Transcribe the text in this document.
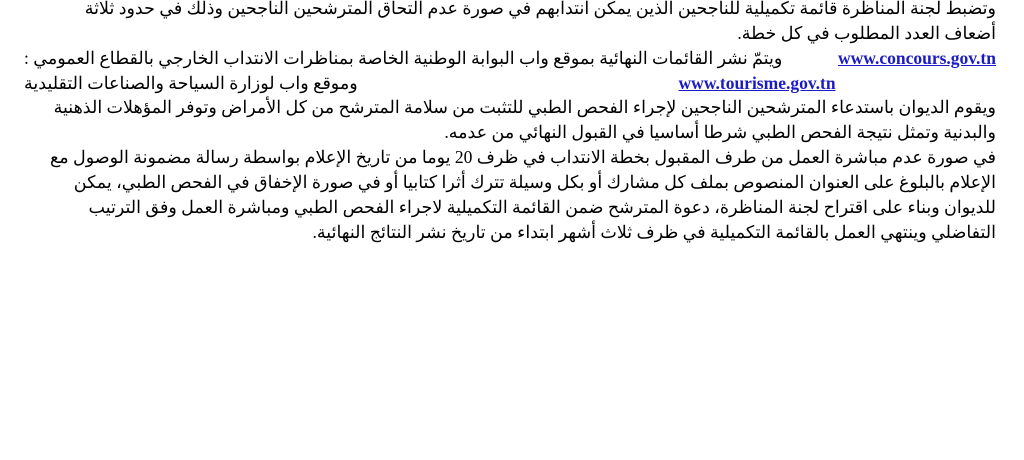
وتضبط لجنة المناظرة قائمة تكميلية للناجحين الذين يمكن انتدابهم في صورة عدم التحاق المترشحين الناجحين وذلك في حدود ثلاثة
أضعاف العدد المطلوب في كل خطة.
www.concours.gov.tn
ويتمّ نشر القائمات النهائية بموقع واب البوابة الوطنية الخاصة بمناظرات الانتداب الخارجي بالقطاع العمومي :
www.tourisme.gov.tn
وموقع واب لوزارة السياحة والصناعات التقليدية
ويقوم الديوان باستدعاء المترشحين الناجحين لإجراء الفحص الطبي للتثبت من سلامة المترشح من كل الأمراض وتوفر المؤهلات الذهنية
والبدنية وتمثل نتيجة الفحص الطبي شرطا أساسيا في القبول النهائي من عدمه.
في صورة عدم مباشرة العمل من طرف المقبول بخطة الانتداب في ظرف 20 يوما من تاريخ الإعلام بواسطة رسالة مضمونة الوصول مع
الإعلام بالبلوغ على العنوان المنصوص بملف كل مشارك أو بكل وسيلة تترك أثرا كتابيا أو في صورة الإخفاق في الفحص الطبي، يمكن
للديوان وبناء على اقتراح لجنة المناظرة، دعوة المترشح ضمن القائمة التكميلية لاجراء الفحص الطبي ومباشرة العمل وفق الترتيب
التفاضلي وينتهي العمل بالقائمة التكميلية في ظرف ثلاث أشهر ابتداء من تاريخ نشر النتائج النهائية.
